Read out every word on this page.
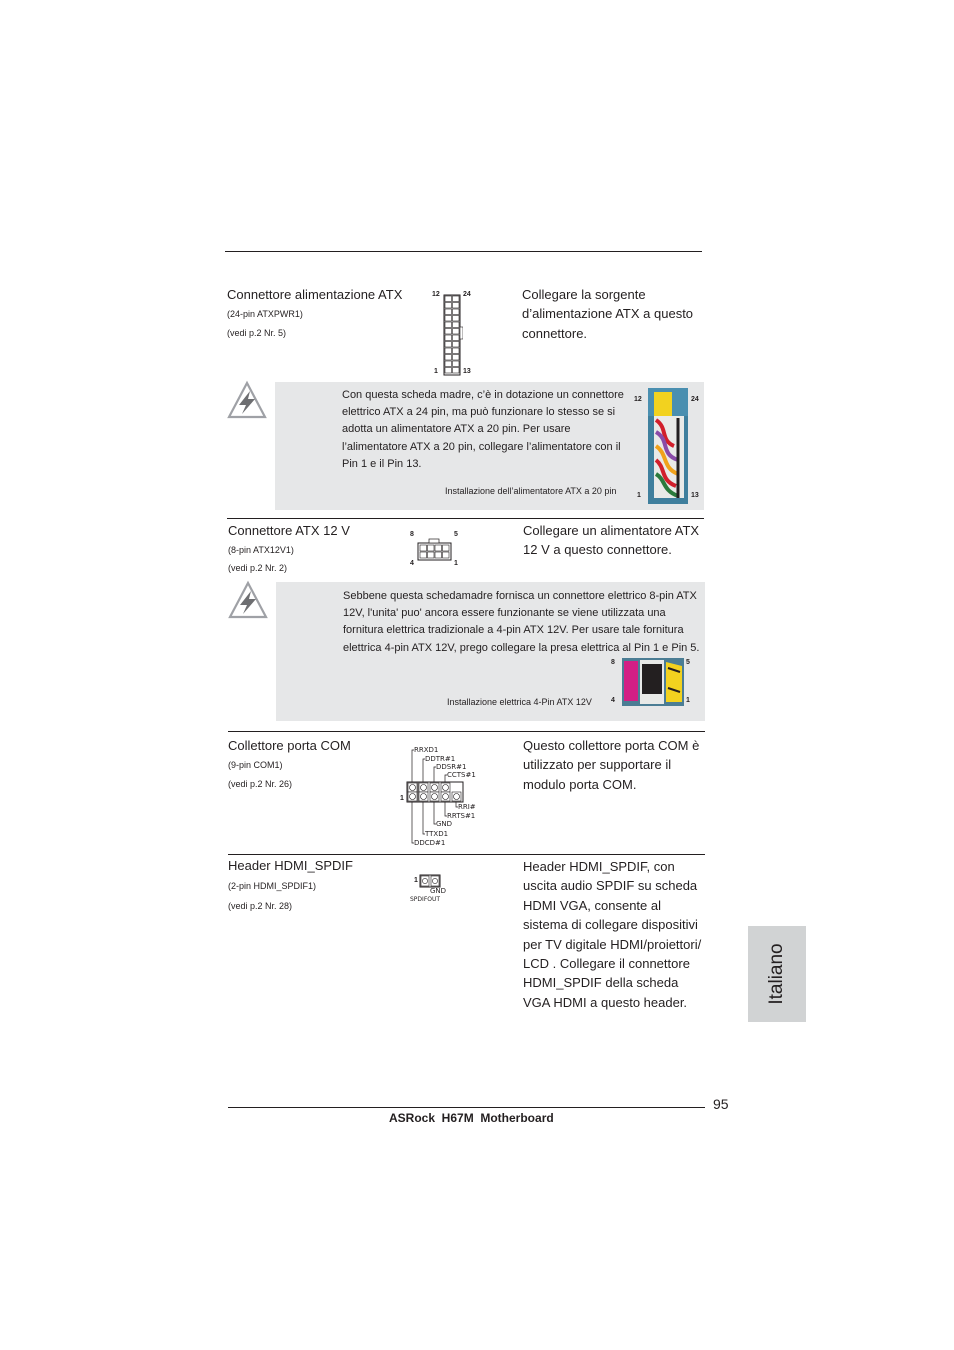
Connettore alimentazione ATX
(24-pin ATXPWR1)
(vedi p.2 Nr. 5)
12	24
1	13
Collegare la sorgente d’alimentazione ATX a questo connettore.
Con questa scheda madre, c’è in dotazione un connettore elettrico ATX a 24 pin, ma può funzionare lo stesso se si adotta un alimentatore ATX a 20 pin. Per usare l’alimentatore ATX a 20 pin, collegare l’alimentatore con il Pin 1 e il Pin 13.
Installazione dell’alimentatore ATX a 20 pin
12	24
1	13
Connettore ATX 12 V
(8-pin ATX12V1)
(vedi p.2 Nr. 2)
8	5
4	1
Collegare un alimentatore ATX 12 V a questo connettore.
Sebbene questa schedamadre fornisca un connettore elettrico 8-pin ATX 12V, l'unita' puo' ancora essere funzionante se viene utilizzata una fornitura elettrica tradizionale a 4-pin ATX 12V. Per usare tale fornitura elettrica 4-pin ATX 12V, prego collegare la presa elettrica al Pin 1 e Pin 5.
Installazione elettrica 4-Pin ATX 12V
8	5
4	1
Collettore porta COM
(9-pin COM1)
(vedi p.2 Nr. 26)
RRXD1
DDTR#1
DDSR#1
CCTS#1
RRI#
RRTS#1
GND
TTXD1
DDCD#1
1
Questo collettore porta COM è utilizzato per supportare il modulo porta COM.
Header HDMI_SPDIF
(2-pin HDMI_SPDIF1)
(vedi p.2 Nr. 28)
1
GND
SPDIFOUT
Header HDMI_SPDIF, con uscita audio SPDIF su scheda HDMI VGA, consente al sistema di collegare dispositivi per TV digitale HDMI/proiettori/ LCD . Collegare il connettore HDMI_SPDIF della scheda VGA HDMI a questo header.	Italiano
95
ASRock  H67M  Motherboard
